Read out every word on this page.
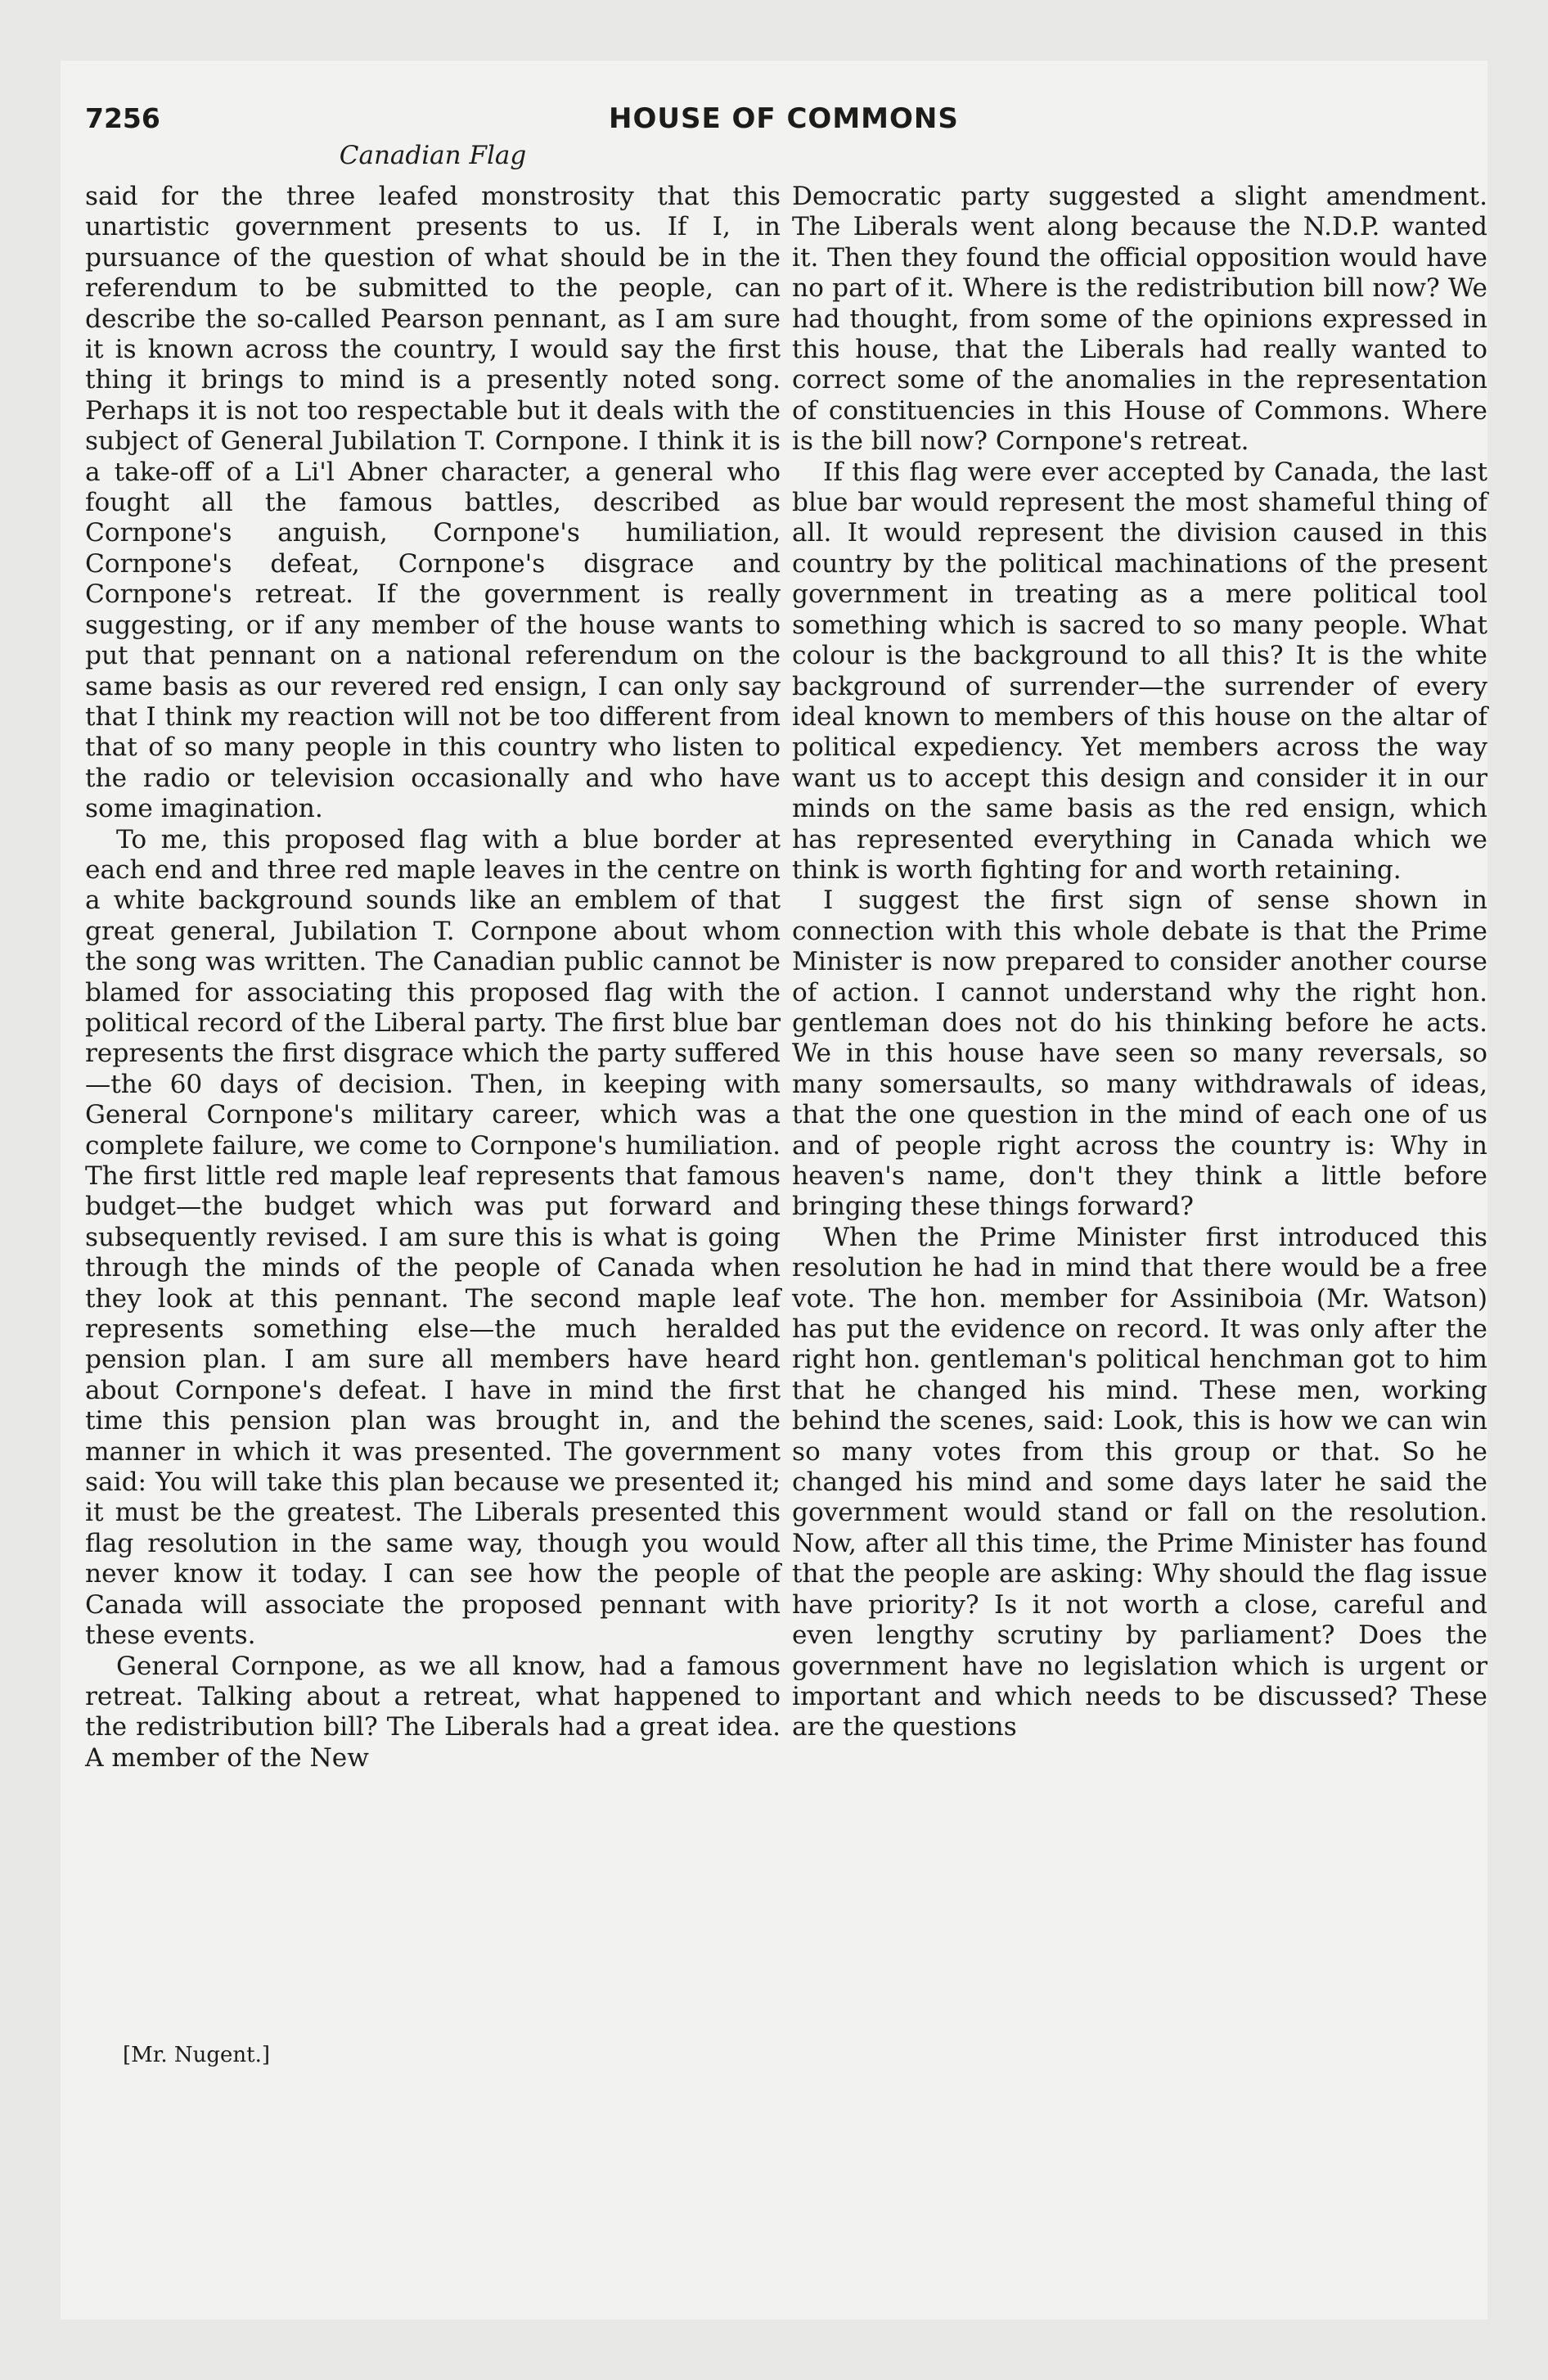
7256	HOUSE OF COMMONS
Canadian Flag

said for the three leafed monstrosity that this unartistic government presents to us. If I, in pursuance of the question of what should be in the referendum to be submitted to the people, can describe the so-called Pearson pennant, as I am sure it is known across the country, I would say the first thing it brings to mind is a presently noted song. Perhaps it is not too respectable but it deals with the subject of General Jubilation T. Cornpone. I think it is a take-off of a Li'l Abner character, a general who fought all the famous battles, described as Cornpone's anguish, Cornpone's humiliation, Cornpone's defeat, Cornpone's disgrace and Cornpone's retreat. If the government is really suggesting, or if any member of the house wants to put that pennant on a national referendum on the same basis as our revered red ensign, I can only say that I think my reaction will not be too different from that of so many people in this country who listen to the radio or television occasionally and who have some imagination.

To me, this proposed flag with a blue border at each end and three red maple leaves in the centre on a white background sounds like an emblem of that great general, Jubilation T. Cornpone about whom the song was written. The Canadian public cannot be blamed for associating this proposed flag with the political record of the Liberal party. The first blue bar represents the first disgrace which the party suffered—the 60 days of decision. Then, in keeping with General Cornpone's military career, which was a complete failure, we come to Cornpone's humiliation. The first little red maple leaf represents that famous budget—the budget which was put forward and subsequently revised. I am sure this is what is going through the minds of the people of Canada when they look at this pennant. The second maple leaf represents something else—the much heralded pension plan. I am sure all members have heard about Cornpone's defeat. I have in mind the first time this pension plan was brought in, and the manner in which it was presented. The government said: You will take this plan because we presented it; it must be the greatest. The Liberals presented this flag resolution in the same way, though you would never know it today. I can see how the people of Canada will associate the proposed pennant with these events.

General Cornpone, as we all know, had a famous retreat. Talking about a retreat, what happened to the redistribution bill? The Liberals had a great idea. A member of the New

Democratic party suggested a slight amendment. The Liberals went along because the N.D.P. wanted it. Then they found the official opposition would have no part of it. Where is the redistribution bill now? We had thought, from some of the opinions expressed in this house, that the Liberals had really wanted to correct some of the anomalies in the representation of constituencies in this House of Commons. Where is the bill now? Cornpone's retreat.

If this flag were ever accepted by Canada, the last blue bar would represent the most shameful thing of all. It would represent the division caused in this country by the political machinations of the present government in treating as a mere political tool something which is sacred to so many people. What colour is the background to all this? It is the white background of surrender—the surrender of every ideal known to members of this house on the altar of political expediency. Yet members across the way want us to accept this design and consider it in our minds on the same basis as the red ensign, which has represented everything in Canada which we think is worth fighting for and worth retaining.

I suggest the first sign of sense shown in connection with this whole debate is that the Prime Minister is now prepared to consider another course of action. I cannot understand why the right hon. gentleman does not do his thinking before he acts. We in this house have seen so many reversals, so many somersaults, so many withdrawals of ideas, that the one question in the mind of each one of us and of people right across the country is: Why in heaven's name, don't they think a little before bringing these things forward?

When the Prime Minister first introduced this resolution he had in mind that there would be a free vote. The hon. member for Assiniboia (Mr. Watson) has put the evidence on record. It was only after the right hon. gentleman's political henchman got to him that he changed his mind. These men, working behind the scenes, said: Look, this is how we can win so many votes from this group or that. So he changed his mind and some days later he said the government would stand or fall on the resolution. Now, after all this time, the Prime Minister has found that the people are asking: Why should the flag issue have priority? Is it not worth a close, careful and even lengthy scrutiny by parliament? Does the government have no legislation which is urgent or important and which needs to be discussed? These are the questions

[Mr. Nugent.]
